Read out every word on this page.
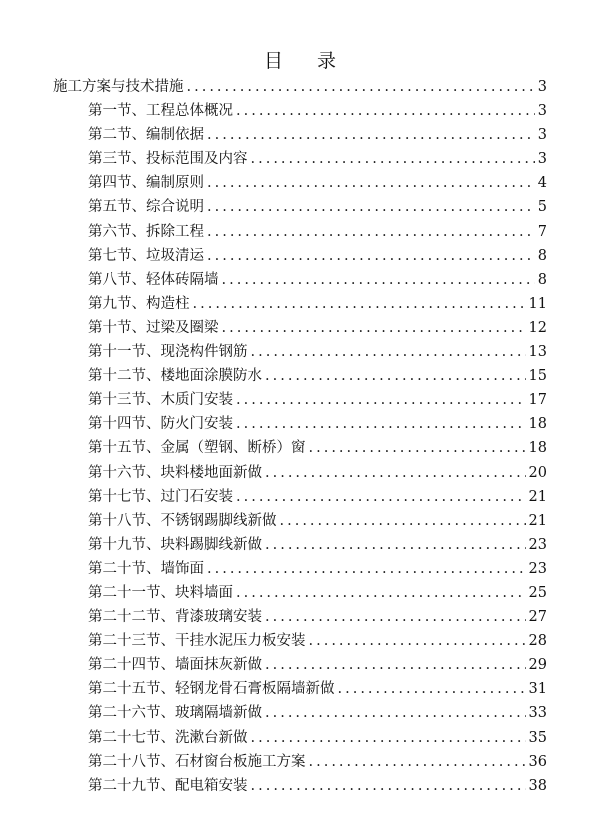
目 录
施工方案与技术措施 .....	3
第一节、工程总体概况 .....	3
第二节、编制依据 .....	3
第三节、投标范围及内容 .....	3
第四节、编制原则 .....	4
第五节、综合说明 .....	5
第六节、拆除工程 .....	7
第七节、垃圾清运 .....	8
第八节、轻体砖隔墙 .....	8
第九节、构造柱 .....	11
第十节、过梁及圈梁 .....	12
第十一节、现浇构件钢筋 .....	13
第十二节、楼地面涂膜防水 .....	15
第十三节、木质门安装 .....	17
第十四节、防火门安装 .....	18
第十五节、金属（塑钢、断桥）窗 .....	18
第十六节、块料楼地面新做 .....	20
第十七节、过门石安装 .....	21
第十八节、不锈钢踢脚线新做 .....	21
第十九节、块料踢脚线新做 .....	23
第二十节、墙饰面 .....	23
第二十一节、块料墙面 .....	25
第二十二节、背漆玻璃安装 .....	27
第二十三节、干挂水泥压力板安装 .....	28
第二十四节、墙面抹灰新做 .....	29
第二十五节、轻钢龙骨石膏板隔墙新做 .....	31
第二十六节、玻璃隔墙新做 .....	33
第二十七节、洗漱台新做 .....	35
第二十八节、石材窗台板施工方案 .....	36
第二十九节、配电箱安装 .....	38
